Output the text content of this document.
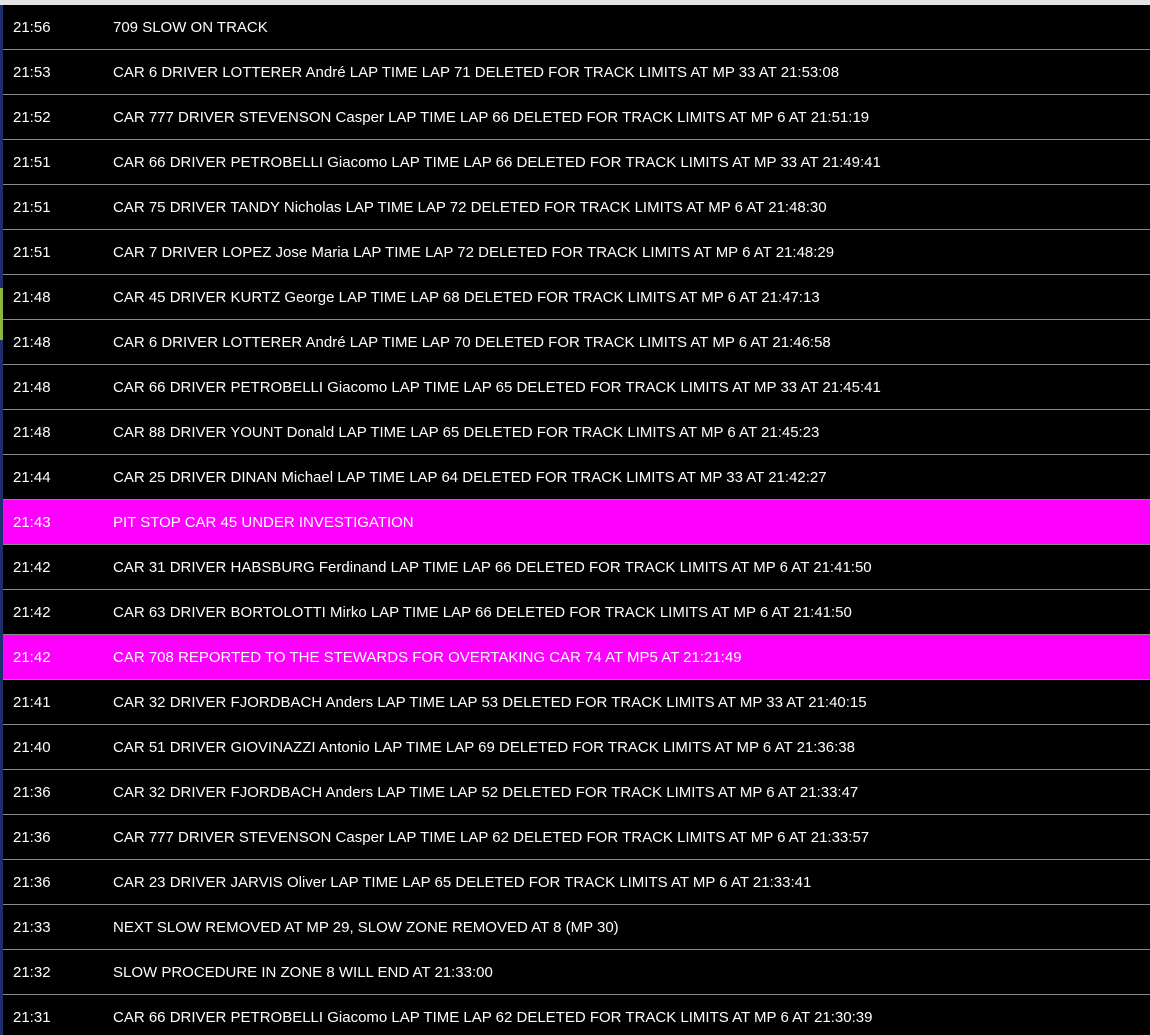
21:56	709 SLOW ON TRACK
21:53	CAR 6 DRIVER LOTTERER André LAP TIME LAP 71 DELETED FOR TRACK LIMITS AT MP 33 AT 21:53:08
21:52	CAR 777 DRIVER STEVENSON Casper LAP TIME LAP 66 DELETED FOR TRACK LIMITS AT MP 6 AT 21:51:19
21:51	CAR 66 DRIVER PETROBELLI Giacomo LAP TIME LAP 66 DELETED FOR TRACK LIMITS AT MP 33 AT 21:49:41
21:51	CAR 75 DRIVER TANDY Nicholas LAP TIME LAP 72 DELETED FOR TRACK LIMITS AT MP 6 AT 21:48:30
21:51	CAR 7 DRIVER LOPEZ Jose Maria LAP TIME LAP 72 DELETED FOR TRACK LIMITS AT MP 6 AT 21:48:29
21:48	CAR 45 DRIVER KURTZ George LAP TIME LAP 68 DELETED FOR TRACK LIMITS AT MP 6 AT 21:47:13
21:48	CAR 6 DRIVER LOTTERER André LAP TIME LAP 70 DELETED FOR TRACK LIMITS AT MP 6 AT 21:46:58
21:48	CAR 66 DRIVER PETROBELLI Giacomo LAP TIME LAP 65 DELETED FOR TRACK LIMITS AT MP 33 AT 21:45:41
21:48	CAR 88 DRIVER YOUNT Donald LAP TIME LAP 65 DELETED FOR TRACK LIMITS AT MP 6 AT 21:45:23
21:44	CAR 25 DRIVER DINAN Michael LAP TIME LAP 64 DELETED FOR TRACK LIMITS AT MP 33 AT 21:42:27
21:43	PIT STOP CAR 45 UNDER INVESTIGATION
21:42	CAR 31 DRIVER HABSBURG Ferdinand LAP TIME LAP 66 DELETED FOR TRACK LIMITS AT MP 6 AT 21:41:50
21:42	CAR 63 DRIVER BORTOLOTTI Mirko LAP TIME LAP 66 DELETED FOR TRACK LIMITS AT MP 6 AT 21:41:50
21:42	CAR 708 REPORTED TO THE STEWARDS FOR OVERTAKING CAR 74 AT MP5 AT 21:21:49
21:41	CAR 32 DRIVER FJORDBACH Anders LAP TIME LAP 53 DELETED FOR TRACK LIMITS AT MP 33 AT 21:40:15
21:40	CAR 51 DRIVER GIOVINAZZI Antonio LAP TIME LAP 69 DELETED FOR TRACK LIMITS AT MP 6 AT 21:36:38
21:36	CAR 32 DRIVER FJORDBACH Anders LAP TIME LAP 52 DELETED FOR TRACK LIMITS AT MP 6 AT 21:33:47
21:36	CAR 777 DRIVER STEVENSON Casper LAP TIME LAP 62 DELETED FOR TRACK LIMITS AT MP 6 AT 21:33:57
21:36	CAR 23 DRIVER JARVIS Oliver LAP TIME LAP 65 DELETED FOR TRACK LIMITS AT MP 6 AT 21:33:41
21:33	NEXT SLOW REMOVED AT MP 29, SLOW ZONE REMOVED AT 8 (MP 30)
21:32	SLOW PROCEDURE IN ZONE 8 WILL END AT 21:33:00
21:31	CAR 66 DRIVER PETROBELLI Giacomo LAP TIME LAP 62 DELETED FOR TRACK LIMITS AT MP 6 AT 21:30:39
